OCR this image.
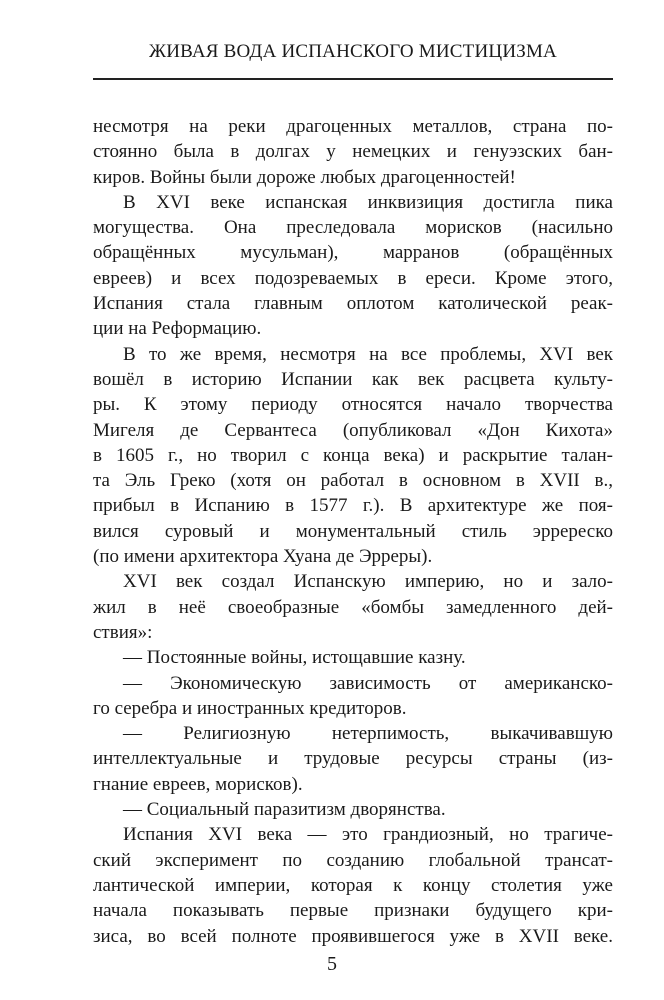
ЖИВАЯ ВОДА ИСПАНСКОГО МИСТИЦИЗМА
несмотря на реки драгоценных металлов, страна по-
стоянно была в долгах у немецких и генуэзских бан-
киров. Войны были дороже любых драгоценностей!
В XVI веке испанская инквизиция достигла пика
могущества. Она преследовала морисков (насильно
обращённых мусульман), марранов (обращённых
евреев) и всех подозреваемых в ереси. Кроме этого,
Испания стала главным оплотом католической реак-
ции на Реформацию.
В то же время, несмотря на все проблемы, XVI век
вошёл в историю Испании как век расцвета культу-
ры. К этому периоду относятся начало творчества
Мигеля де Сервантеса (опубликовал «Дон Кихота»
в 1605 г., но творил с конца века) и раскрытие талан-
та Эль Греко (хотя он работал в основном в XVII в.,
прибыл в Испанию в 1577 г.). В архитектуре же поя-
вился суровый и монументальный стиль эрререско
(по имени архитектора Хуана де Эрреры).
XVI век создал Испанскую империю, но и зало-
жил в неё своеобразные «бомбы замедленного дей-
ствия»:
— Постоянные войны, истощавшие казну.
— Экономическую зависимость от американско-
го серебра и иностранных кредиторов.
— Религиозную нетерпимость, выкачивавшую
интеллектуальные и трудовые ресурсы страны (из-
гнание евреев, морисков).
— Социальный паразитизм дворянства.
Испания XVI века — это грандиозный, но трагиче-
ский эксперимент по созданию глобальной трансат-
лантической империи, которая к концу столетия уже
начала показывать первые признаки будущего кри-
зиса, во всей полноте проявившегося уже в XVII веке.
5
